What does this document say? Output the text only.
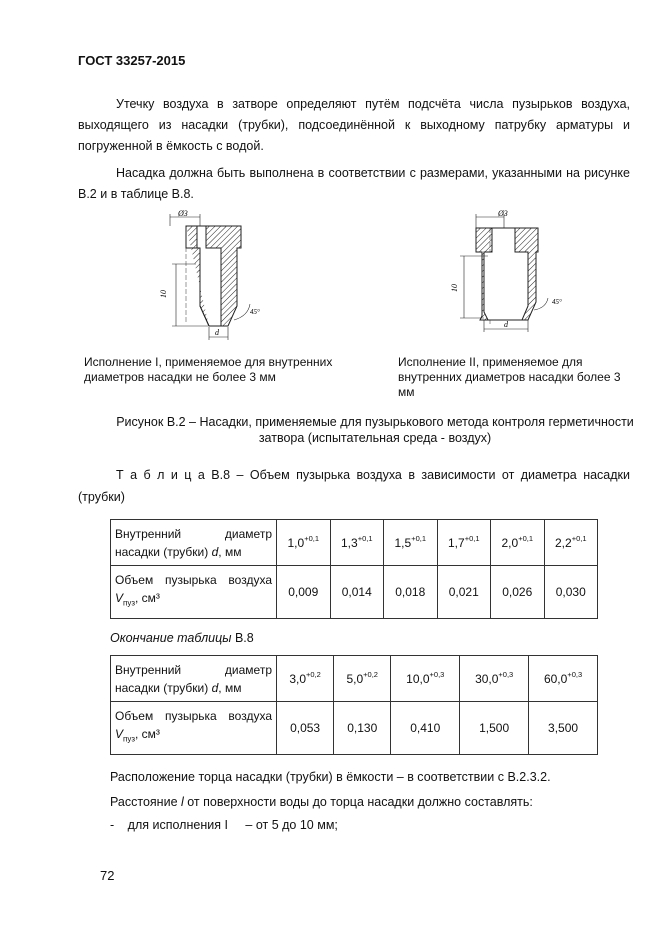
ГОСТ 33257-2015
Утечку воздуха в затворе определяют путём подсчёта числа пузырьков воздуха, выходящего из насадки (трубки), подсоединённой к выходному патрубку арматуры и погруженной в ёмкость с водой.
Насадка должна быть выполнена в соответствии с размерами, указанными на рисунке В.2 и в таблице В.8.
Ø3
10
d
45°
Ø3
10
d
45°
Исполнение I, применяемое для внутренних диаметров насадки не более 3 мм
Исполнение II, применяемое для внутренних диаметров насадки более 3 мм
Рисунок В.2 – Насадки, применяемые для пузырькового метода контроля герметичности затвора (испытательная среда - воздух)
Т а б л и ц а В.8 – Объем пузырька воздуха в зависимости от диаметра насадки (трубки)
Внутренний диаметр насадки (трубки) d, мм	$1,0^{+0,1}$	$1,3^{+0,1}$	$1,5^{+0,1}$	$1,7^{+0,1}$	$2,0^{+0,1}$	$2,2^{+0,1}$
Объем пузырька воздуха $V_{пуз}$, см³	0,009	0,014	0,018	0,021	0,026	0,030
Окончание таблицы В.8
Внутренний диаметр насадки (трубки) d, мм	$3,0^{+0,2}$	$5,0^{+0,2}$	$10,0^{+0,3}$	$30,0^{+0,3}$	$60,0^{+0,3}$
Объем пузырька воздуха $V_{пуз}$, см³	0,053	0,130	0,410	1,500	3,500
Расположение торца насадки (трубки) в ёмкости – в соответствии с В.2.3.2.
Расстояние l от поверхности воды до торца насадки должно составлять:
- для исполнения I – от 5 до 10 мм;
72
